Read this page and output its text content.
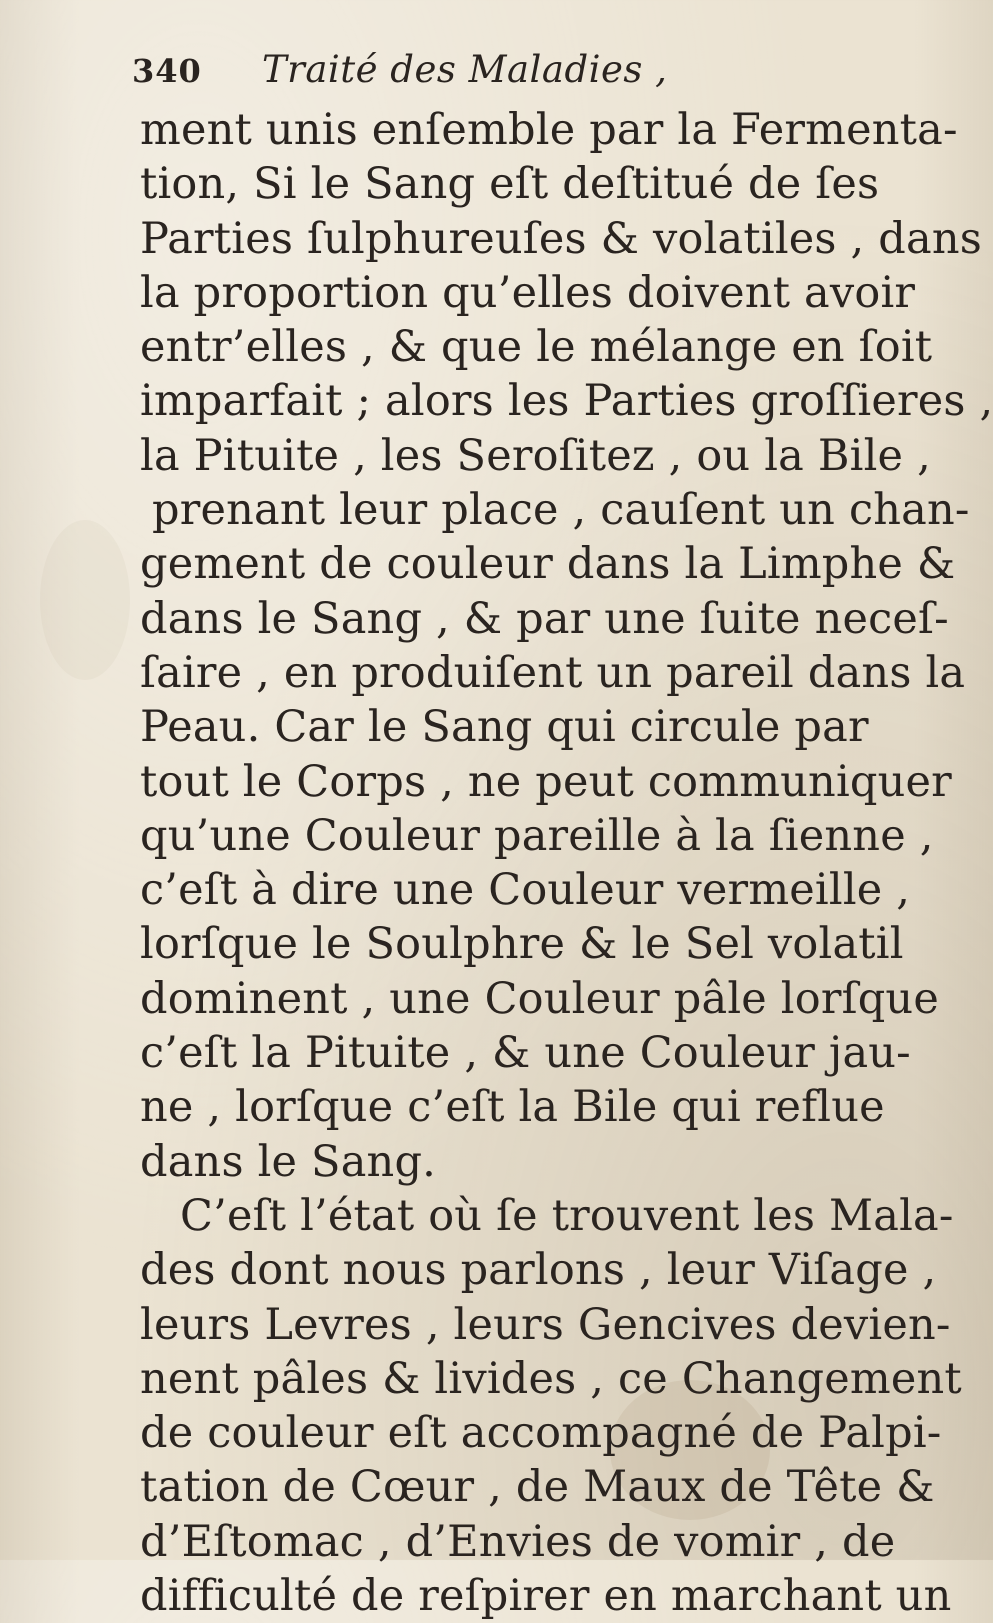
340 Traité des Maladies ,
ment unis enſemble par la Fermenta-
tion, Si le Sang eſt deſtitué de ſes
Parties ſulphureuſes & volatiles , dans
la proportion qu’elles doivent avoir
entr’elles , & que le mélange en ſoit
imparfait ; alors les Parties groſſieres ,
la Pituite , les Seroſitez , ou la Bile ,
prenant leur place , cauſent un chan-
gement de couleur dans la Limphe &
dans le Sang , & par une ſuite neceſ-
ſaire , en produiſent un pareil dans la
Peau. Car le Sang qui circule par
tout le Corps , ne peut communiquer
qu’une Couleur pareille à la ſienne ,
c’eſt à dire une Couleur vermeille ,
lorſque le Soulphre & le Sel volatil
dominent , une Couleur pâle lorſque
c’eſt la Pituite , & une Couleur jau-
ne , lorſque c’eſt la Bile qui reflue
dans le Sang.
C’eſt l’état où ſe trouvent les Mala-
des dont nous parlons , leur Viſage ,
leurs Levres , leurs Gencives devien-
nent pâles & livides , ce Changement
de couleur eſt accompagné de Palpi-
tation de Cœur , de Maux de Tête &
d’Eſtomac , d’Envies de vomir , de
difficulté de reſpirer en marchant un
